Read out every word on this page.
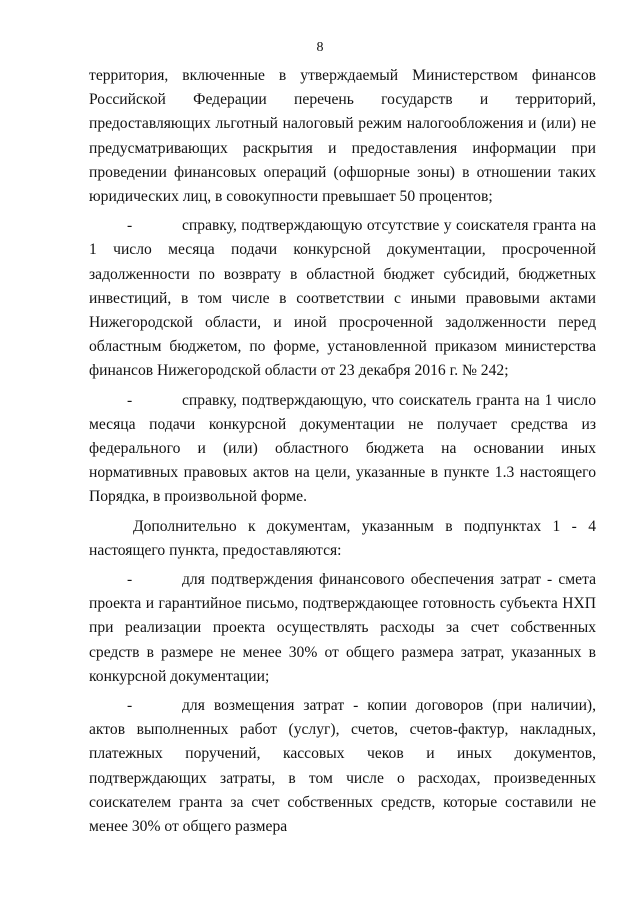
8

территория, включенные в утверждаемый Министерством финансов Российской Федерации перечень государств и территорий, предоставляющих льготный налоговый режим налогообложения и (или) не предусматривающих раскрытия и предоставления информации при проведении финансовых операций (офшорные зоны) в отношении таких юридических лиц, в совокупности превышает 50 процентов;

-	справку, подтверждающую отсутствие у соискателя гранта на 1 число месяца подачи конкурсной документации, просроченной задолженности по возврату в областной бюджет субсидий, бюджетных инвестиций, в том числе в соответствии с иными правовыми актами Нижегородской области, и иной просроченной задолженности перед областным бюджетом, по форме, установленной приказом министерства финансов Нижегородской области от 23 декабря 2016 г. № 242;

-	справку, подтверждающую, что соискатель гранта на 1 число месяца подачи конкурсной документации не получает средства из федерального и (или) областного бюджета на основании иных нормативных правовых актов на цели, указанные в пункте 1.3 настоящего Порядка, в произвольной форме.

Дополнительно к документам, указанным в подпунктах 1 - 4 настоящего пункта, предоставляются:

-	для подтверждения финансового обеспечения затрат - смета проекта и гарантийное письмо, подтверждающее готовность субъекта НХП при реализации проекта осуществлять расходы за счет собственных средств в размере не менее 30% от общего размера затрат, указанных в конкурсной документации;

-	для возмещения затрат - копии договоров (при наличии), актов выполненных работ (услуг), счетов, счетов-фактур, накладных, платежных поручений, кассовых чеков и иных документов, подтверждающих затраты, в том числе о расходах, произведенных соискателем гранта за счет собственных средств, которые составили не менее 30% от общего размера
